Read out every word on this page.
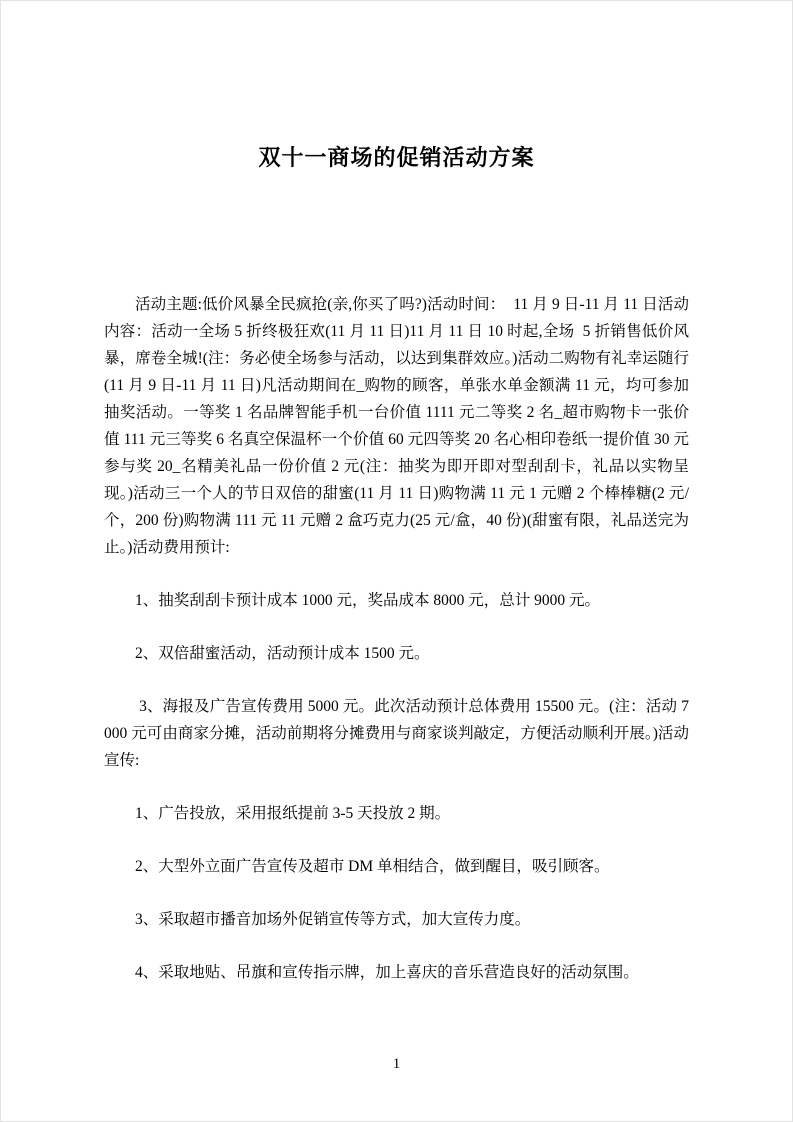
双十一商场的促销活动方案

活动主题:低价风暴全民疯抢(亲,你买了吗?)活动时间：  11 月 9 日-11 月 11 日活动内容：活动一全场 5 折终极狂欢(11 月 11 日)11 月 11 日 10 时起,全场  5 折销售低价风暴，席卷全城!(注：务必使全场参与活动，以达到集群效应。)活动二购物有礼幸运随行(11 月 9 日-11 月 11 日)凡活动期间在_购物的顾客，单张水单金额满 11 元，均可参加抽奖活动。一等奖 1 名品牌智能手机一台价值 1111 元二等奖 2 名_超市购物卡一张价值 111 元三等奖 6 名真空保温杯一个价值 60 元四等奖 20 名心相印卷纸一提价值 30 元参与奖 20_名精美礼品一份价值 2 元(注：抽奖为即开即对型刮刮卡，礼品以实物呈现。)活动三一个人的节日双倍的甜蜜(11 月 11 日)购物满 11 元 1 元赠 2 个棒棒糖(2 元/个，200 份)购物满 111 元 11 元赠 2 盒巧克力(25 元/盒，40 份)(甜蜜有限，礼品送完为止。)活动费用预计:

1、抽奖刮刮卡预计成本 1000 元，奖品成本 8000 元，总计 9000 元。

2、双倍甜蜜活动，活动预计成本 1500 元。

3、海报及广告宣传费用 5000 元。此次活动预计总体费用 15500 元。(注：活动 7000 元可由商家分摊，活动前期将分摊费用与商家谈判敲定，方便活动顺利开展。)活动宣传:

1、广告投放，采用报纸提前 3-5 天投放 2 期。

2、大型外立面广告宣传及超市 DM 单相结合，做到醒目，吸引顾客。

3、采取超市播音加场外促销宣传等方式，加大宣传力度。

4、采取地贴、吊旗和宣传指示牌，加上喜庆的音乐营造良好的活动氛围。

1
